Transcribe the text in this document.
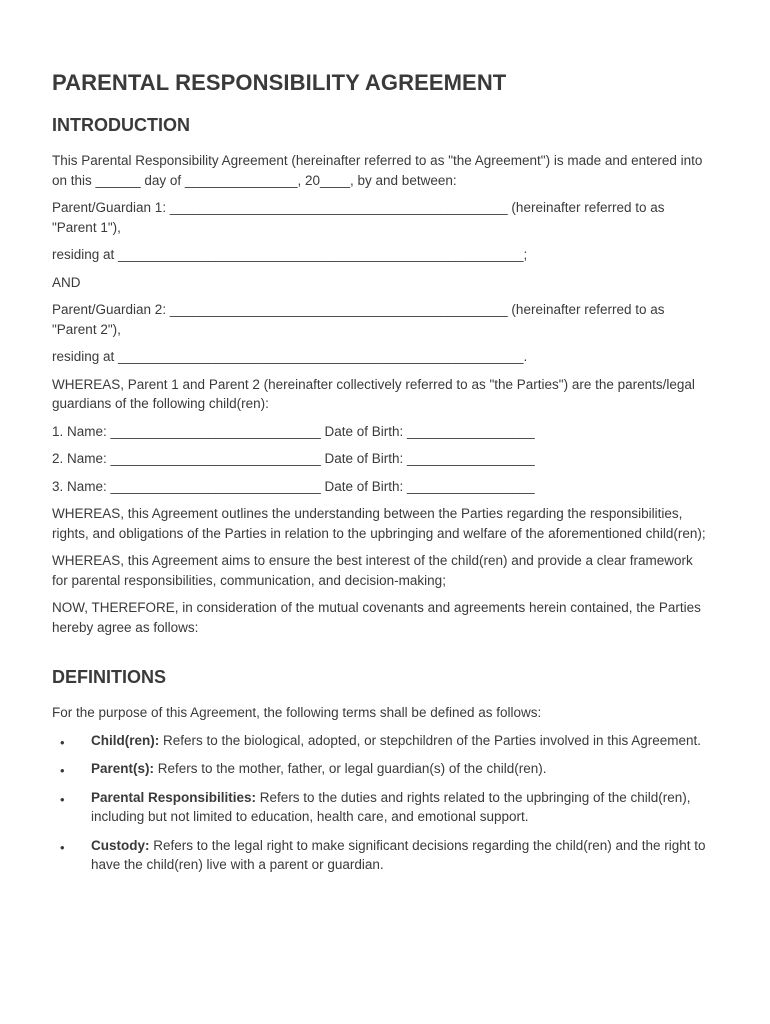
PARENTAL RESPONSIBILITY AGREEMENT
INTRODUCTION

This Parental Responsibility Agreement (hereinafter referred to as "the Agreement") is made and entered into on this ______ day of _______________, 20____, by and between:

Parent/Guardian 1: _____________________________________________ (hereinafter referred to as "Parent 1"),

residing at ______________________________________________________;

AND

Parent/Guardian 2: _____________________________________________ (hereinafter referred to as "Parent 2"),

residing at ______________________________________________________.

WHEREAS, Parent 1 and Parent 2 (hereinafter collectively referred to as "the Parties") are the parents/legal guardians of the following child(ren):

1. Name: ____________________________ Date of Birth: _________________

2. Name: ____________________________ Date of Birth: _________________

3. Name: ____________________________ Date of Birth: _________________

WHEREAS, this Agreement outlines the understanding between the Parties regarding the responsibilities, rights, and obligations of the Parties in relation to the upbringing and welfare of the aforementioned child(ren);

WHEREAS, this Agreement aims to ensure the best interest of the child(ren) and provide a clear framework for parental responsibilities, communication, and decision-making;

NOW, THEREFORE, in consideration of the mutual covenants and agreements herein contained, the Parties hereby agree as follows:

DEFINITIONS

For the purpose of this Agreement, the following terms shall be defined as follows:

• Child(ren): Refers to the biological, adopted, or stepchildren of the Parties involved in this Agreement.
• Parent(s): Refers to the mother, father, or legal guardian(s) of the child(ren).
• Parental Responsibilities: Refers to the duties and rights related to the upbringing of the child(ren), including but not limited to education, health care, and emotional support.
• Custody: Refers to the legal right to make significant decisions regarding the child(ren) and the right to have the child(ren) live with a parent or guardian.
